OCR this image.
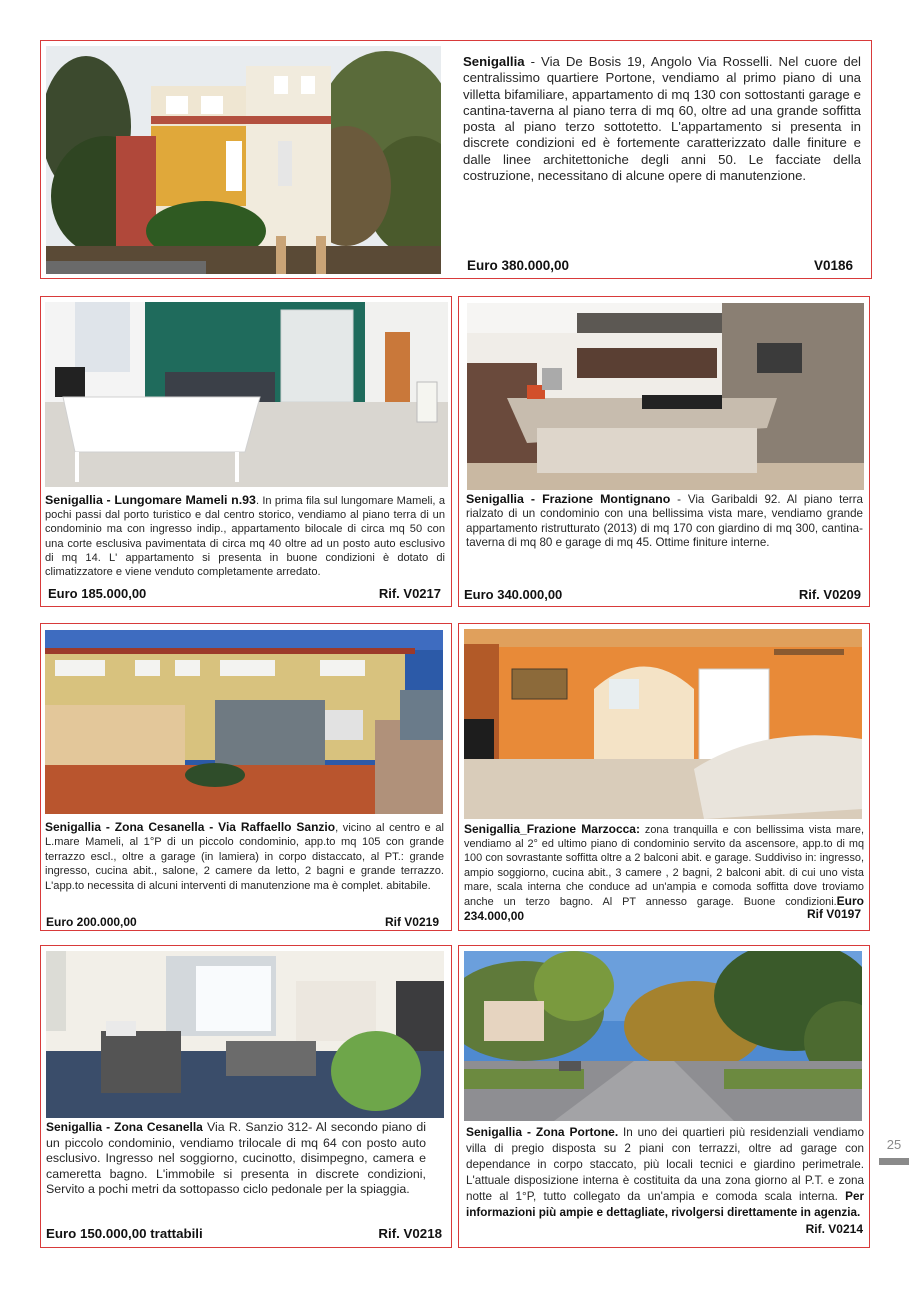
Senigallia - Via De Bosis 19, Angolo Via Rosselli. Nel cuore del centralissimo quartiere Portone, vendiamo al primo piano di una villetta bifamiliare, appartamento di mq 130 con sottostanti garage e cantina-taverna al piano terra di mq 60, oltre ad una grande soffitta posta al piano terzo sottotetto. L'appartamento si presenta in discrete condizioni ed è fortemente caratterizzato dalle finiture e dalle linee architettoniche degli anni 50. Le facciate della costruzione, necessitano di alcune opere di manutenzione.
Euro 380.000,00	V0186
Senigallia - Lungomare Mameli n.93. In prima fila sul lungomare Mameli, a pochi passi dal porto turistico e dal centro storico, vendiamo al piano terra di un condominio ma con ingresso indip., appartamento bilocale di circa mq 50 con una corte esclusiva pavimentata di circa mq 40 oltre ad un posto auto esclusivo di mq 14. L' appartamento si presenta in buone condizioni è dotato di climatizzatore e viene venduto completamente arredato.
Euro 185.000,00	Rif. V0217
Senigallia - Frazione Montignano - Via Garibaldi 92. Al piano terra rialzato di un condominio con una bellissima vista mare, vendiamo grande appartamento ristrutturato (2013) di mq 170 con giardino di mq 300, cantina-taverna di mq 80 e garage di mq 45. Ottime finiture interne.
Euro 340.000,00	Rif. V0209
Senigallia - Zona Cesanella - Via Raffaello Sanzio, vicino al centro e al L.mare Mameli, al 1°P di un piccolo condominio, app.to mq 105 con grande terrazzo escl., oltre a garage (in lamiera) in corpo distaccato, al PT.: grande ingresso, cucina abit., salone, 2 camere da letto, 2 bagni e grande terrazzo. L'app.to necessita di alcuni interventi di manutenzione ma è complet. abitabile.
Euro 200.000,00	Rif V0219
Senigallia_Frazione Marzocca: zona tranquilla e con bellissima vista mare, vendiamo al 2° ed ultimo piano di condominio servito da ascensore, app.to di mq 100 con sovrastante soffitta oltre a 2 balconi abit. e garage. Suddiviso in: ingresso, ampio soggiorno, cucina abit., 3 camere , 2 bagni, 2 balconi abit. di cui uno vista mare, scala interna che conduce ad un'ampia e comoda soffitta dove troviamo anche un terzo bagno. Al PT annesso garage. Buone condizioni.Euro 234.000,00	Rif V0197
Senigallia - Zona Cesanella Via R. Sanzio 312- Al secondo piano di un piccolo condominio, vendiamo trilocale di mq 64 con posto auto esclusivo. Ingresso nel soggiorno, cucinotto, disimpegno, camera e cameretta bagno. L'immobile si presenta in discrete condizioni, Servito a pochi metri da sottopasso ciclo pedonale per la spiaggia.
Euro 150.000,00 trattabili	Rif. V0218
Senigallia - Zona Portone. In uno dei quartieri più residenziali vendiamo villa di pregio disposta su 2 piani con terrazzi, oltre ad garage con dependance in corpo staccato, più locali tecnici e giardino perimetrale. L'attuale disposizione interna è costituita da una zona giorno al P.T. e zona notte al 1°P, tutto collegato da un'ampia e comoda scala interna. Per informazioni più ampie e dettagliate, rivolgersi direttamente in agenzia.
Rif. V0214
25
